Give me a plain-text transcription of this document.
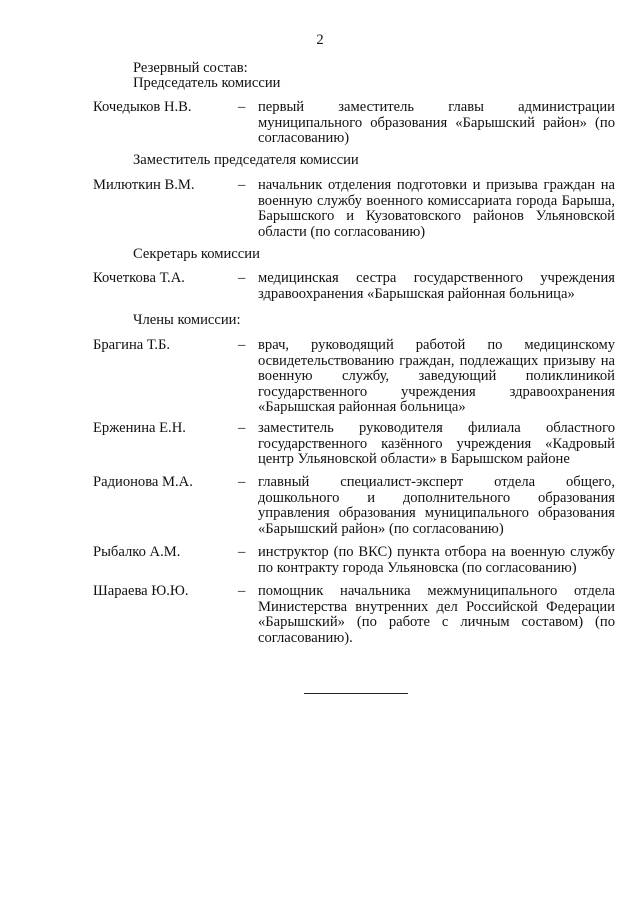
2
Резервный состав:
Председатель комиссии
Кочедыков Н.В.	– первый заместитель главы администрации муниципального образования «Барышский район» (по согласованию)
Заместитель председателя комиссии
Милюткин В.М.	– начальник отделения подготовки и призыва граждан на военную службу военного комиссариата города Барыша, Барышского и Кузоватовского районов Ульяновской области (по согласованию)
Секретарь комиссии
Кочеткова Т.А.	– медицинская сестра государственного учреждения здравоохранения «Барышская районная больница»
Члены комиссии:
Брагина Т.Б.	– врач, руководящий работой по медицинскому освидетельствованию граждан, подлежащих призыву на военную службу, заведующий поликлиникой государственного учреждения здравоохранения «Барышская районная больница»
Ерженина Е.Н.	– заместитель руководителя филиала областного государственного казённого учреждения «Кадровый центр Ульяновской области» в Барышском районе
Радионова М.А.	– главный специалист-эксперт отдела общего, дошкольного и дополнительного образования управления образования муниципального образования «Барышский район» (по согласованию)
Рыбалко А.М.	– инструктор (по ВКС) пункта отбора на военную службу по контракту города Ульяновска (по согласованию)
Шараева Ю.Ю.	– помощник начальника межмуниципального отдела Министерства внутренних дел Российской Федерации «Барышский» (по работе с личным составом) (по согласованию).
